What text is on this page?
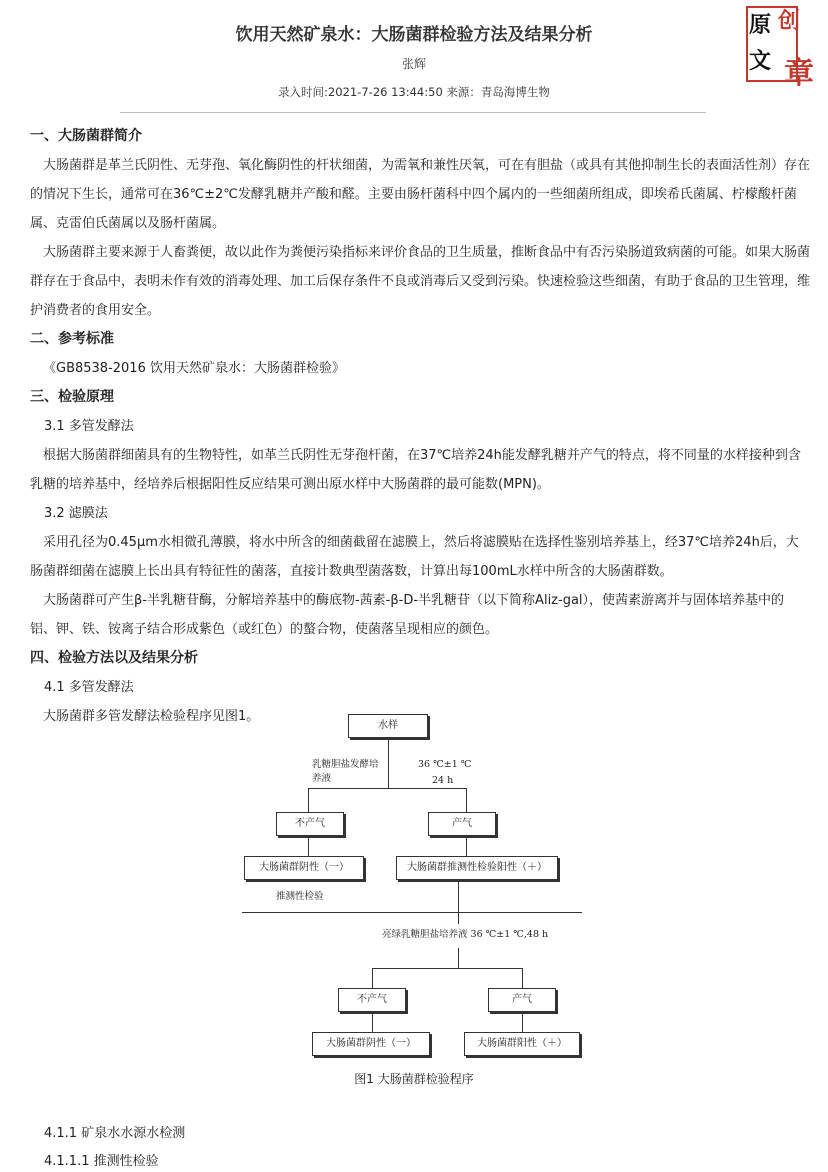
饮用天然矿泉水：大肠菌群检验方法及结果分析
张辉
录入时间:2021-7-26 13:44:50 来源：青岛海博生物
原 创
文 章

一、大肠菌群简介

大肠菌群是革兰氏阴性、无芽孢、氧化酶阴性的杆状细菌，为需氧和兼性厌氧，可在有胆盐（或具有其他抑制生长的表面活性剂）存在的情况下生长，通常可在36℃±2℃发酵乳糖并产酸和醛。主要由肠杆菌科中四个属内的一些细菌所组成，即埃希氏菌属、柠檬酸杆菌属、克雷伯氏菌属以及肠杆菌属。

大肠菌群主要来源于人畜粪便，故以此作为粪便污染指标来评价食品的卫生质量，推断食品中有否污染肠道致病菌的可能。如果大肠菌群存在于食品中，表明未作有效的消毒处理、加工后保存条件不良或消毒后又受到污染。快速检验这些细菌，有助于食品的卫生管理，维护消费者的食用安全。

二、参考标准

《GB8538-2016 饮用天然矿泉水：大肠菌群检验》

三、检验原理

3.1 多管发酵法

根据大肠菌群细菌具有的生物特性，如革兰氏阴性无芽孢杆菌，在37℃培养24h能发酵乳糖并产气的特点，将不同量的水样接种到含乳糖的培养基中，经培养后根据阳性反应结果可测出原水样中大肠菌群的最可能数(MPN)。

3.2 滤膜法

采用孔径为0.45μm水相微孔薄膜，将水中所含的细菌截留在滤膜上，然后将滤膜贴在选择性鉴别培养基上，经37℃培养24h后，大肠菌群细菌在滤膜上长出具有特征性的菌落，直接计数典型菌落数，计算出每100mL水样中所含的大肠菌群数。

大肠菌群可产生β-半乳糖苷酶，分解培养基中的酶底物-茜素-β-D-半乳糖苷（以下简称Aliz-gal），使茜素游离并与固体培养基中的铝、钾、铁、铵离子结合形成紫色（或红色）的螯合物，使菌落呈现相应的颜色。

四、检验方法以及结果分析

4.1 多管发酵法

大肠菌群多管发酵法检验程序见图1。

水样
乳糖胆盐发酵培养液
36 ℃±1 ℃
24 h
不产气	产气
大肠菌群阴性（一）	大肠菌群推测性检验阳性（＋）
推测性检验
亮绿乳糖胆盐培养液 36 ℃±1 ℃,48 h
不产气	产气
大肠菌群阴性（一）	大肠菌群阳性（＋）
图1 大肠菌群检验程序
4.1.1 矿泉水水源水检测
4.1.1.1 推测性检验
